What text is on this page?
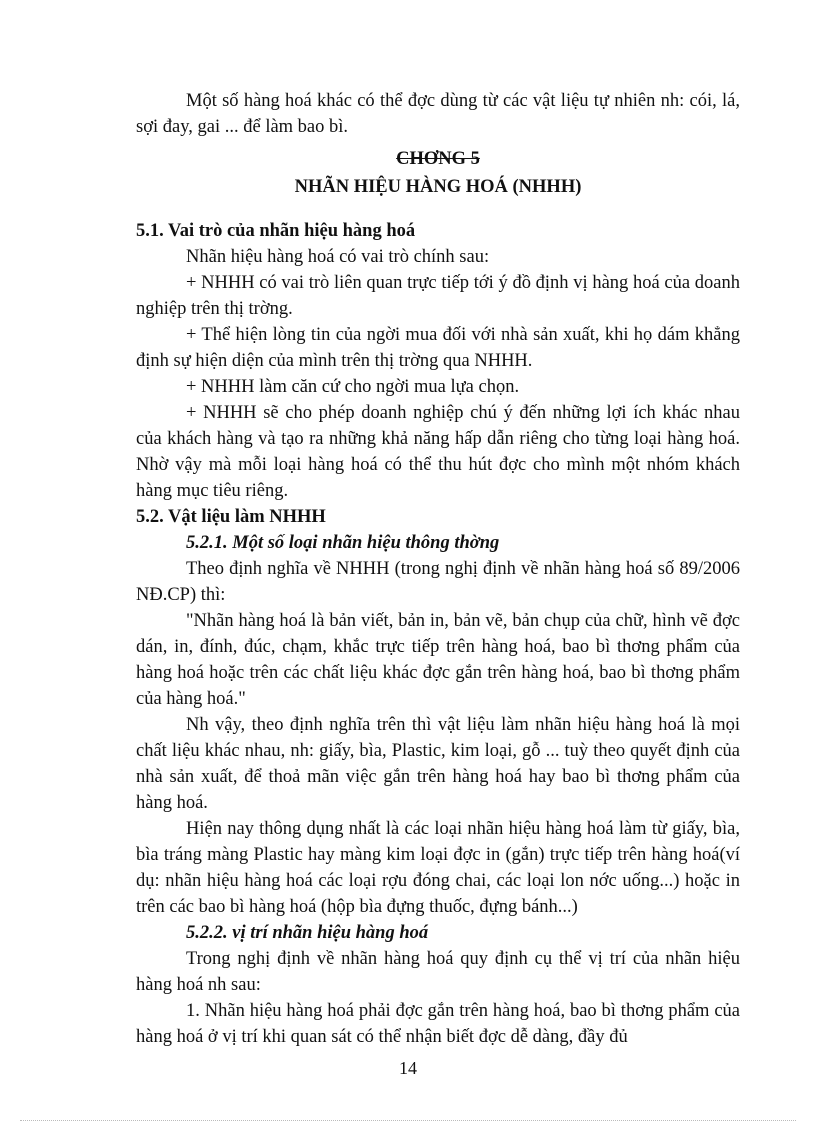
Một số hàng hoá khác có thể đợc dùng từ các vật liệu tự nhiên nh: cói, lá, sợi đay, gai ... để làm bao bì.

CHƠNG 5

NHÃN HIỆU HÀNG HOÁ (NHHH)

5.1. Vai trò của nhãn hiệu hàng hoá

Nhãn hiệu hàng hoá có vai trò chính sau:

+ NHHH có vai trò liên quan trực tiếp tới ý đồ định vị hàng hoá của doanh nghiệp trên thị trờng.

+ Thể hiện lòng tin của ngời mua đối với nhà sản xuất, khi họ dám khẳng định sự hiện diện của mình trên thị trờng qua NHHH.

+ NHHH làm căn cứ cho ngời mua lựa chọn.

+ NHHH sẽ cho phép doanh nghiệp chú ý đến những lợi ích khác nhau của khách hàng và tạo ra những khả năng hấp dẫn riêng cho từng loại hàng hoá. Nhờ vậy mà mỗi loại hàng hoá có thể thu hút đợc cho mình một nhóm khách hàng mục tiêu riêng.

5.2. Vật liệu làm NHHH

5.2.1. Một số loại nhãn hiệu thông thờng

Theo định nghĩa về NHHH (trong nghị định về nhãn hàng hoá số 89/2006 NĐ.CP) thì:

"Nhãn hàng hoá là bản viết, bản in, bản vẽ, bản chụp của chữ, hình vẽ đợc dán, in, đính, đúc, chạm, khắc trực tiếp trên hàng hoá, bao bì thơng phẩm của hàng hoá hoặc trên các chất liệu khác đợc gắn trên hàng hoá, bao bì thơng phẩm của hàng hoá."

Nh vậy, theo định nghĩa trên thì vật liệu làm nhãn hiệu hàng hoá là mọi chất liệu khác nhau, nh: giấy, bìa, Plastic, kim loại, gỗ ... tuỳ theo quyết định của nhà sản xuất, để thoả mãn việc gắn trên hàng hoá hay bao bì thơng phẩm của hàng hoá.

Hiện nay thông dụng nhất là các loại nhãn hiệu hàng hoá làm từ giấy, bìa, bìa tráng màng Plastic hay màng kim loại đợc in (gắn) trực tiếp trên hàng hoá(ví dụ: nhãn hiệu hàng hoá các loại rợu đóng chai, các loại lon nớc uống...) hoặc in trên các bao bì hàng hoá (hộp bìa đựng thuốc, đựng bánh...)

5.2.2. vị trí nhãn hiệu hàng hoá

Trong nghị định về nhãn hàng hoá quy định cụ thể vị trí của nhãn hiệu hàng hoá nh sau:

1. Nhãn hiệu hàng hoá phải đợc gắn trên hàng hoá, bao bì thơng phẩm của hàng hoá ở vị trí khi quan sát có thể nhận biết đợc dễ dàng, đầy đủ

14
